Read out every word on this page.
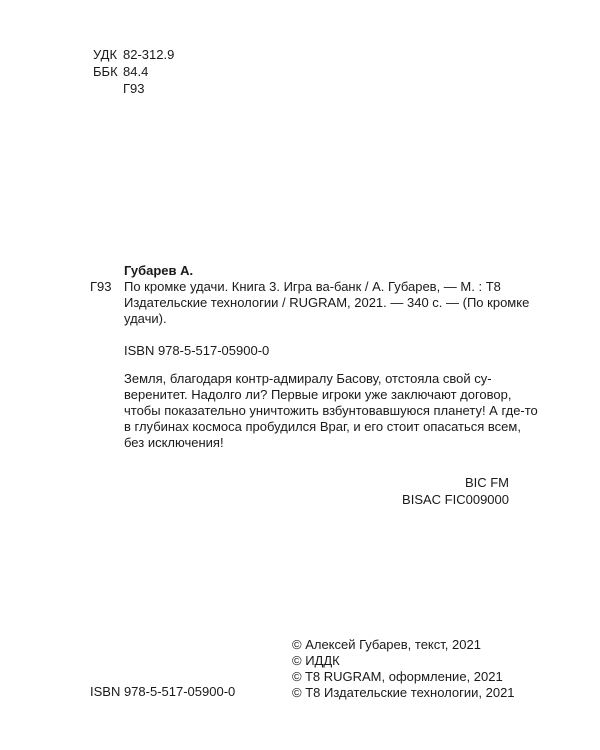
УДК 82-312.9
ББК 84.4
Г93
Губарев А.
Г93 По кромке удачи. Книга 3. Игра ва-банк / А. Губарев, — М. : Т8
Издательские технологии / RUGRAM, 2021. — 340 с. — (По кромке
удачи).
ISBN 978-5-517-05900-0
Земля, благодаря контр-адмиралу Басову, отстояла свой су-
веренитет. Надолго ли? Первые игроки уже заключают договор,
чтобы показательно уничтожить взбунтовавшуюся планету! А где-то
в глубинах космоса пробудился Враг, и его стоит опасаться всем,
без исключения!
BIC FM
BISAC FIC009000
ISBN 978-5-517-05900-0
© Алексей Губарев, текст, 2021
© ИДДК
© T8 RUGRAM, оформление, 2021
© Т8 Издательские технологии, 2021
